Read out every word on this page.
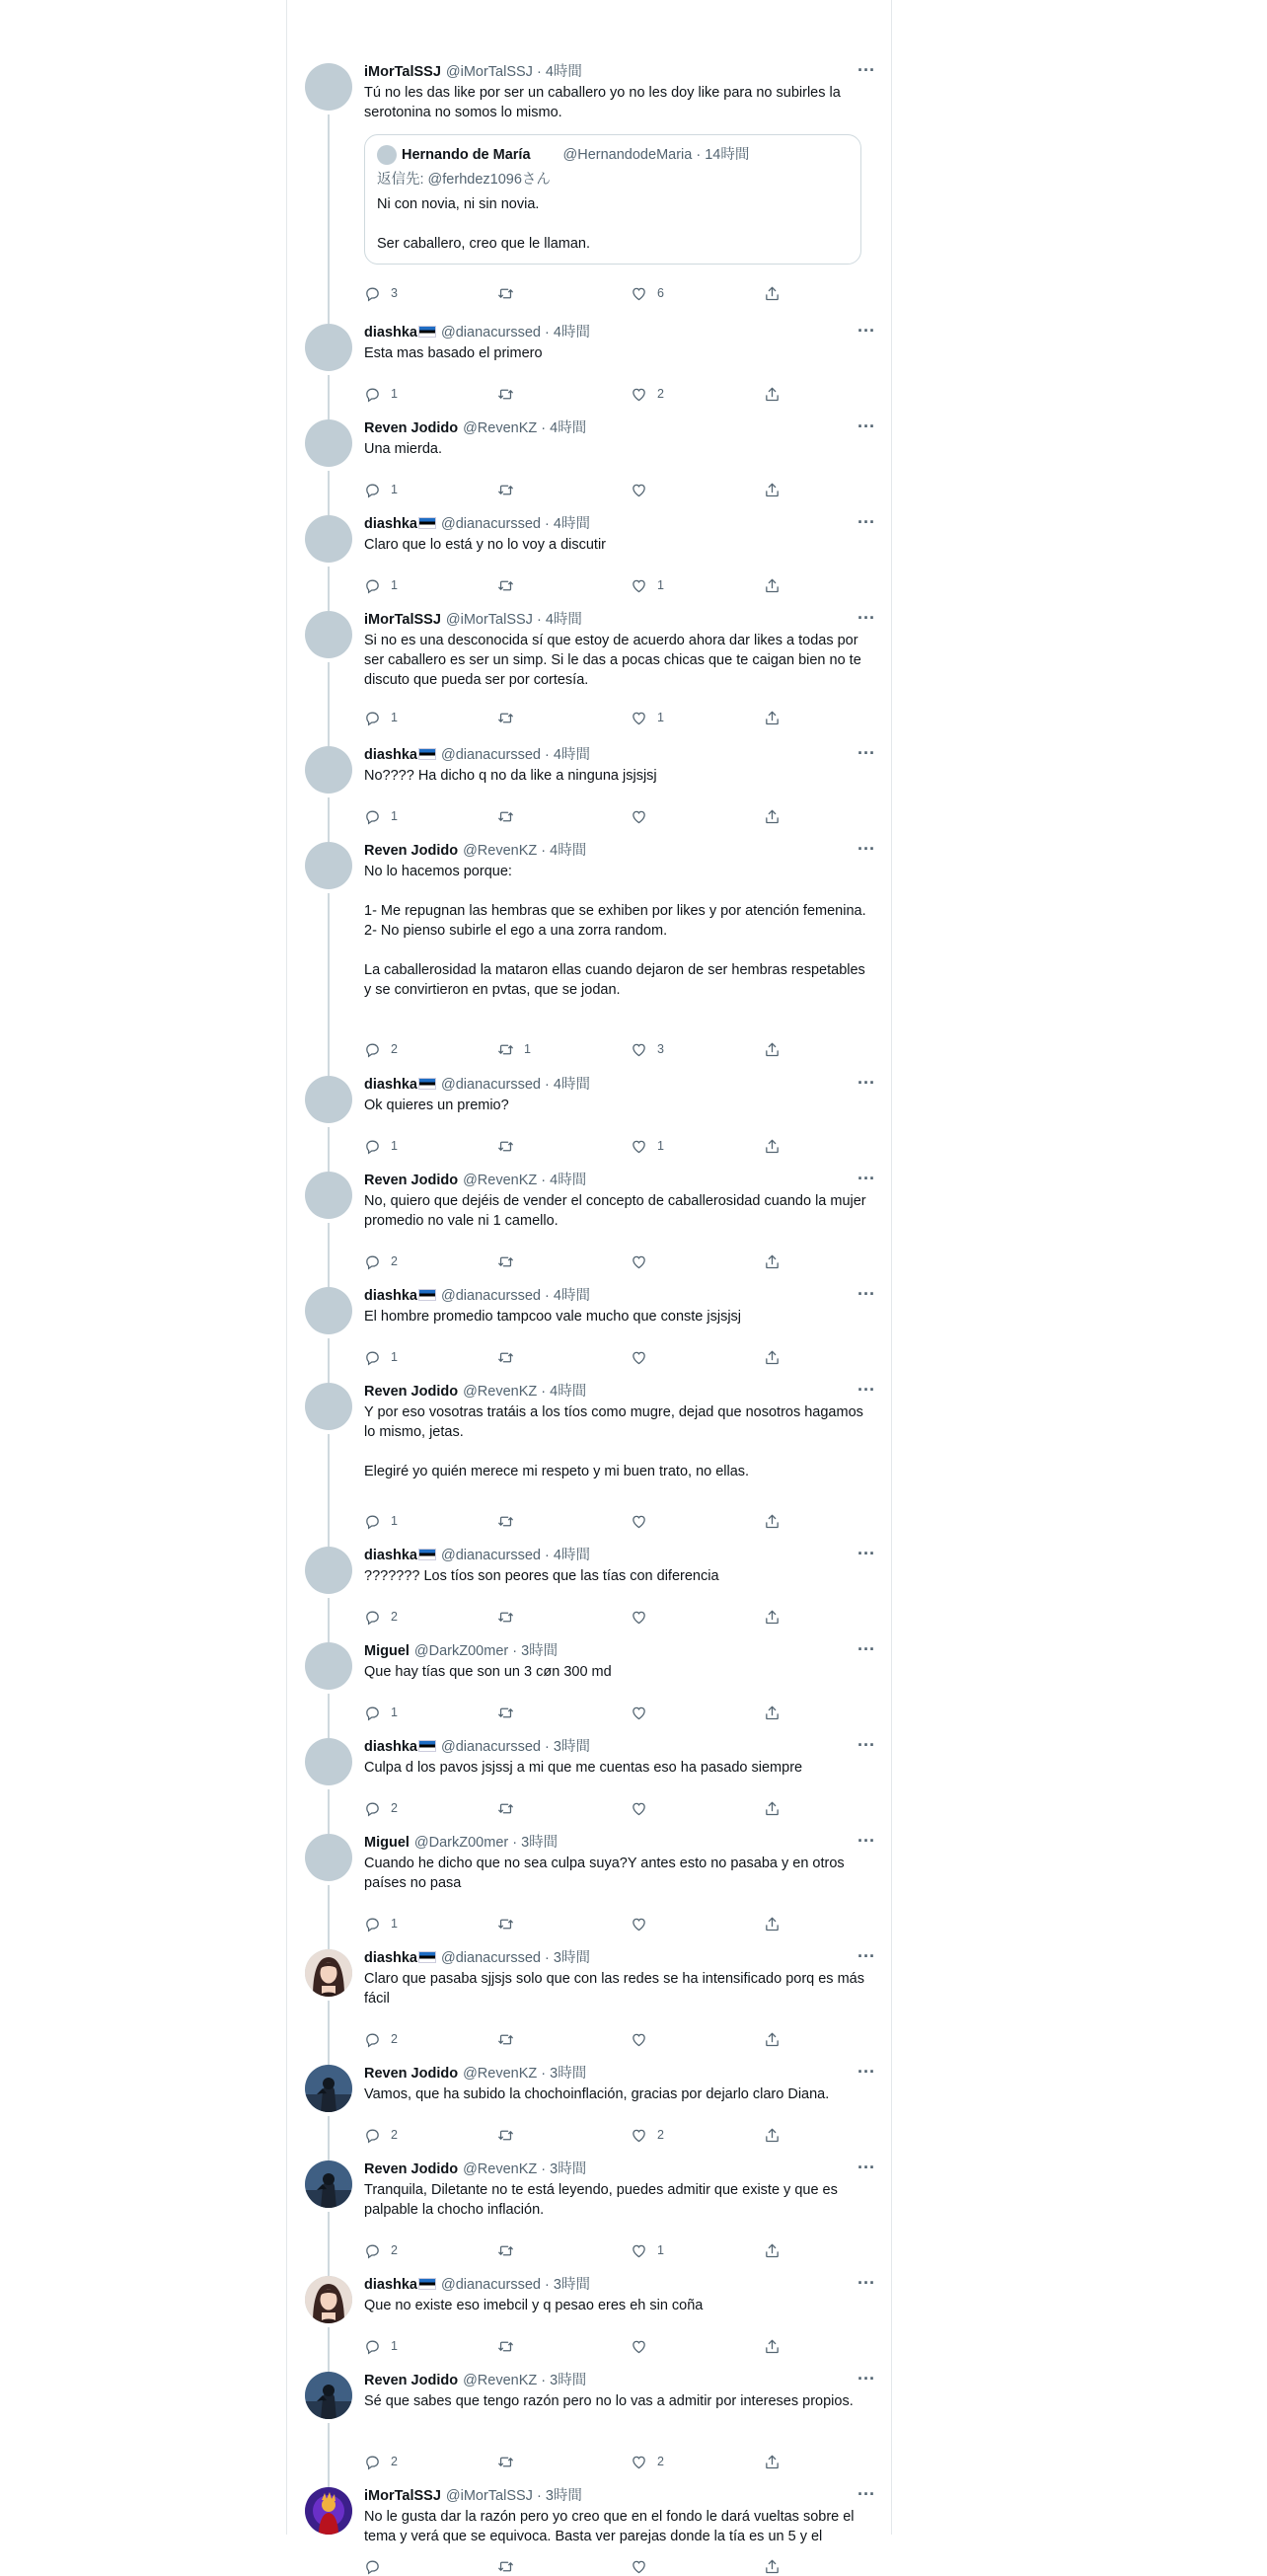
iMorTalSSJ @iMorTalSSJ · 4時間	···
Tú no les das like por ser un caballero yo no les doy like para no subirles la serotonina no somos lo mismo.
Hernando de María @HernandodeMaria · 14時間
返信先: @ferhdez1096さん
Ni con novia, ni sin novia.

Ser caballero, creo que le llaman.
3	6
diashka @dianacurssed · 4時間	···
Esta mas basado el primero
1	2
Reven Jodido @RevenKZ · 4時間	···
Una mierda.
1
diashka @dianacurssed · 4時間	···
Claro que lo está y no lo voy a discutir
1	1
iMorTalSSJ @iMorTalSSJ · 4時間	···
Si no es una desconocida sí que estoy de acuerdo ahora dar likes a todas por ser caballero es ser un simp. Si le das a pocas chicas que te caigan bien no te discuto que pueda ser por cortesía.
1	1
diashka @dianacurssed · 4時間	···
No???? Ha dicho q no da like a ninguna jsjsjsj
1
Reven Jodido @RevenKZ · 4時間	···
No lo hacemos porque:

1- Me repugnan las hembras que se exhiben por likes y por atención femenina.
2- No pienso subirle el ego a una zorra random.

La caballerosidad la mataron ellas cuando dejaron de ser hembras respetables y se convirtieron en pvtas, que se jodan.
2	1	3
diashka @dianacurssed · 4時間	···
Ok quieres un premio?
1	1
Reven Jodido @RevenKZ · 4時間	···
No, quiero que dejéis de vender el concepto de caballerosidad cuando la mujer promedio no vale ni 1 camello.
2
diashka @dianacurssed · 4時間	···
El hombre promedio tampcoo vale mucho que conste jsjsjsj
1
Reven Jodido @RevenKZ · 4時間	···
Y por eso vosotras tratáis a los tíos como mugre, dejad que nosotros hagamos lo mismo, jetas.

Elegiré yo quién merece mi respeto y mi buen trato, no ellas.
1
diashka @dianacurssed · 4時間	···
??????? Los tíos son peores que las tías con diferencia
2
Miguel @DarkZ00mer · 3時間	···
Que hay tías que son un 3 cøn 300 md
1
diashka @dianacurssed · 3時間	···
Culpa d los pavos jsjssj a mi que me cuentas eso ha pasado siempre
2
Miguel @DarkZ00mer · 3時間	···
Cuando he dicho que no sea culpa suya?Y antes esto no pasaba y en otros países no pasa
1
diashka @dianacurssed · 3時間	···
Claro que pasaba sjjsjs solo que con las redes se ha intensificado porq es más fácil
2
Reven Jodido @RevenKZ · 3時間	···
Vamos, que ha subido la chochoinflación, gracias por dejarlo claro Diana.
2	2
Reven Jodido @RevenKZ · 3時間	···
Tranquila, Diletante no te está leyendo, puedes admitir que existe y que es palpable la chocho inflación.
2	1
diashka @dianacurssed · 3時間	···
Que no existe eso imebcil y q pesao eres eh sin coña
1
Reven Jodido @RevenKZ · 3時間	···
Sé que sabes que tengo razón pero no lo vas a admitir por intereses propios.
2	2
iMorTalSSJ @iMorTalSSJ · 3時間	···
No le gusta dar la razón pero yo creo que en el fondo le dará vueltas sobre el tema y verá que se equivoca. Basta ver parejas donde la tía es un 5 y el
